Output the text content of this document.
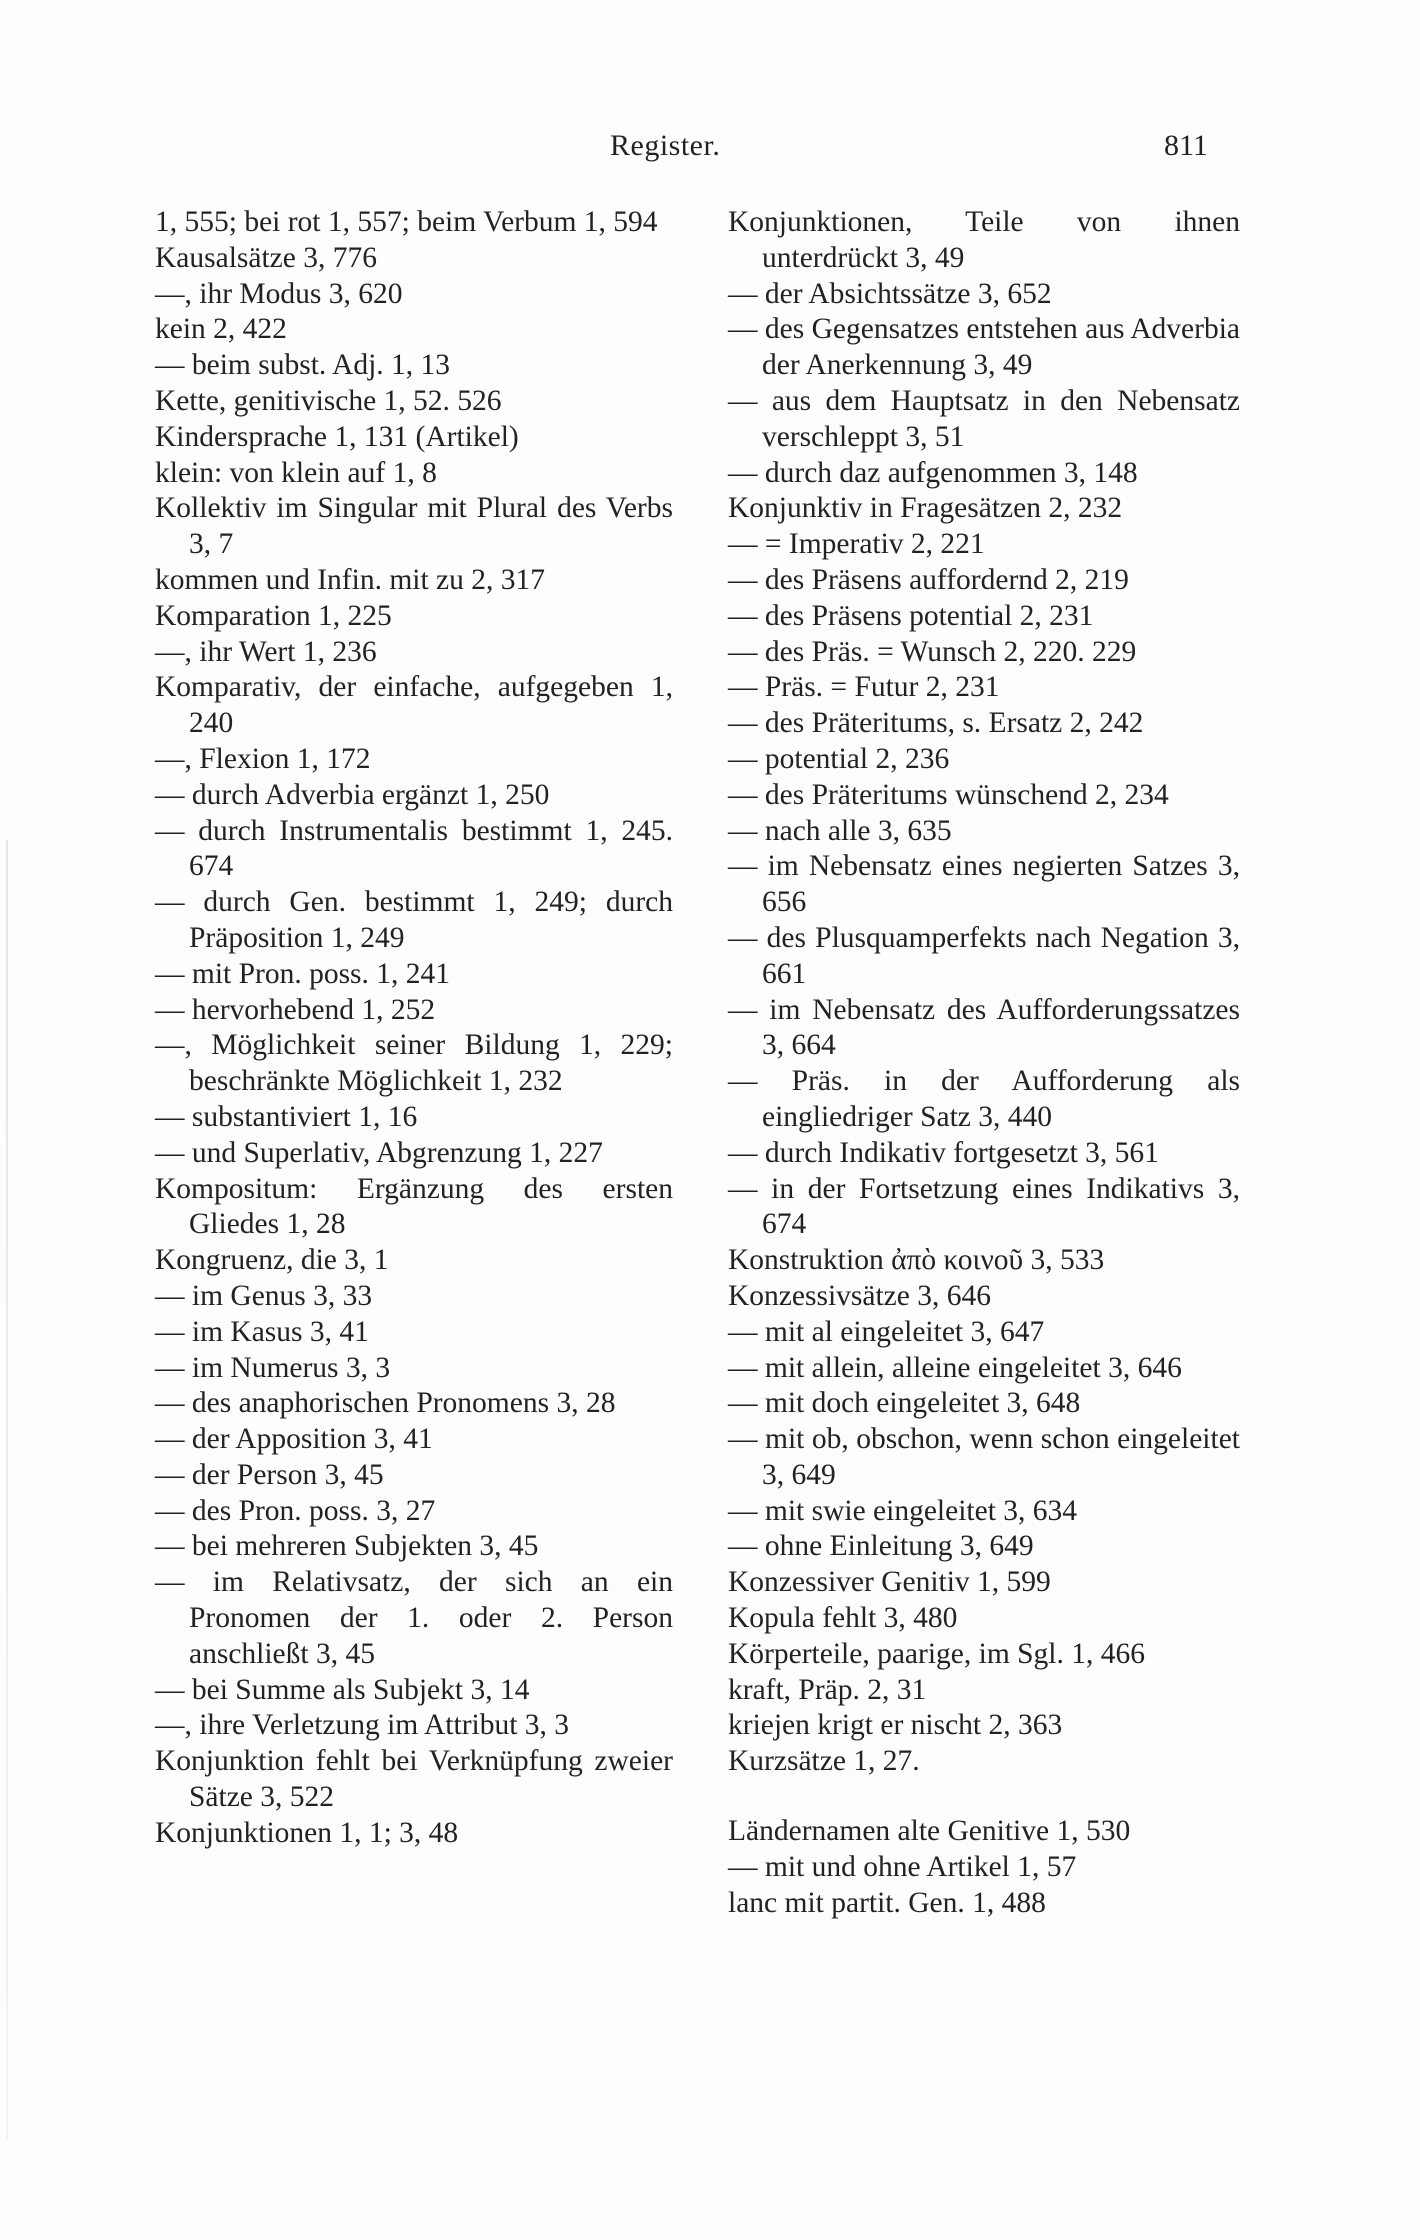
Register.	811

1, 555; bei rot 1, 557; beim Verbum 1, 594

Kausalsätze 3, 776

—, ihr Modus 3, 620

kein 2, 422

— beim subst. Adj. 1, 13

Kette, genitivische 1, 52. 526

Kindersprache 1, 131 (Artikel)

klein: von klein auf 1, 8

Kollektiv im Singular mit Plural des Verbs 3, 7

kommen und Infin. mit zu 2, 317

Komparation 1, 225

—, ihr Wert 1, 236

Komparativ, der einfache, aufgegeben 1, 240

—, Flexion 1, 172

— durch Adverbia ergänzt 1, 250

— durch Instrumentalis bestimmt 1, 245. 674

— durch Gen. bestimmt 1, 249; durch Präposition 1, 249

— mit Pron. poss. 1, 241

— hervorhebend 1, 252

—, Möglichkeit seiner Bildung 1, 229; beschränkte Möglichkeit 1, 232

— substantiviert 1, 16

— und Superlativ, Abgrenzung 1, 227

Kompositum: Ergänzung des ersten Gliedes 1, 28

Kongruenz, die 3, 1

— im Genus 3, 33

— im Kasus 3, 41

— im Numerus 3, 3

— des anaphorischen Pronomens 3, 28

— der Apposition 3, 41

— der Person 3, 45

— des Pron. poss. 3, 27

— bei mehreren Subjekten 3, 45

— im Relativsatz, der sich an ein Pronomen der 1. oder 2. Person anschließt 3, 45

— bei Summe als Subjekt 3, 14

—, ihre Verletzung im Attribut 3, 3

Konjunktion fehlt bei Verknüpfung zweier Sätze 3, 522

Konjunktionen 1, 1; 3, 48

Konjunktionen, Teile von ihnen unterdrückt 3, 49

— der Absichtssätze 3, 652

— des Gegensatzes entstehen aus Adverbia der Anerkennung 3, 49

— aus dem Hauptsatz in den Nebensatz verschleppt 3, 51

— durch daz aufgenommen 3, 148

Konjunktiv in Fragesätzen 2, 232

— = Imperativ 2, 221

— des Präsens auffordernd 2, 219

— des Präsens potential 2, 231

— des Präs. = Wunsch 2, 220. 229

— Präs. = Futur 2, 231

— des Präteritums, s. Ersatz 2, 242

— potential 2, 236

— des Präteritums wünschend 2, 234

— nach alle 3, 635

— im Nebensatz eines negierten Satzes 3, 656

— des Plusquamperfekts nach Negation 3, 661

— im Nebensatz des Aufforderungssatzes 3, 664

— Präs. in der Aufforderung als eingliedriger Satz 3, 440

— durch Indikativ fortgesetzt 3, 561

— in der Fortsetzung eines Indikativs 3, 674

Konstruktion ἀπὸ κοινοῦ 3, 533

Konzessivsätze 3, 646

— mit al eingeleitet 3, 647

— mit allein, alleine eingeleitet 3, 646

— mit doch eingeleitet 3, 648

— mit ob, obschon, wenn schon eingeleitet 3, 649

— mit swie eingeleitet 3, 634

— ohne Einleitung 3, 649

Konzessiver Genitiv 1, 599

Kopula fehlt 3, 480

Körperteile, paarige, im Sgl. 1, 466

kraft, Präp. 2, 31

kriejen krigt er nischt 2, 363

Kurzsätze 1, 27.

Ländernamen alte Genitive 1, 530

— mit und ohne Artikel 1, 57

lanc mit partit. Gen. 1, 488
